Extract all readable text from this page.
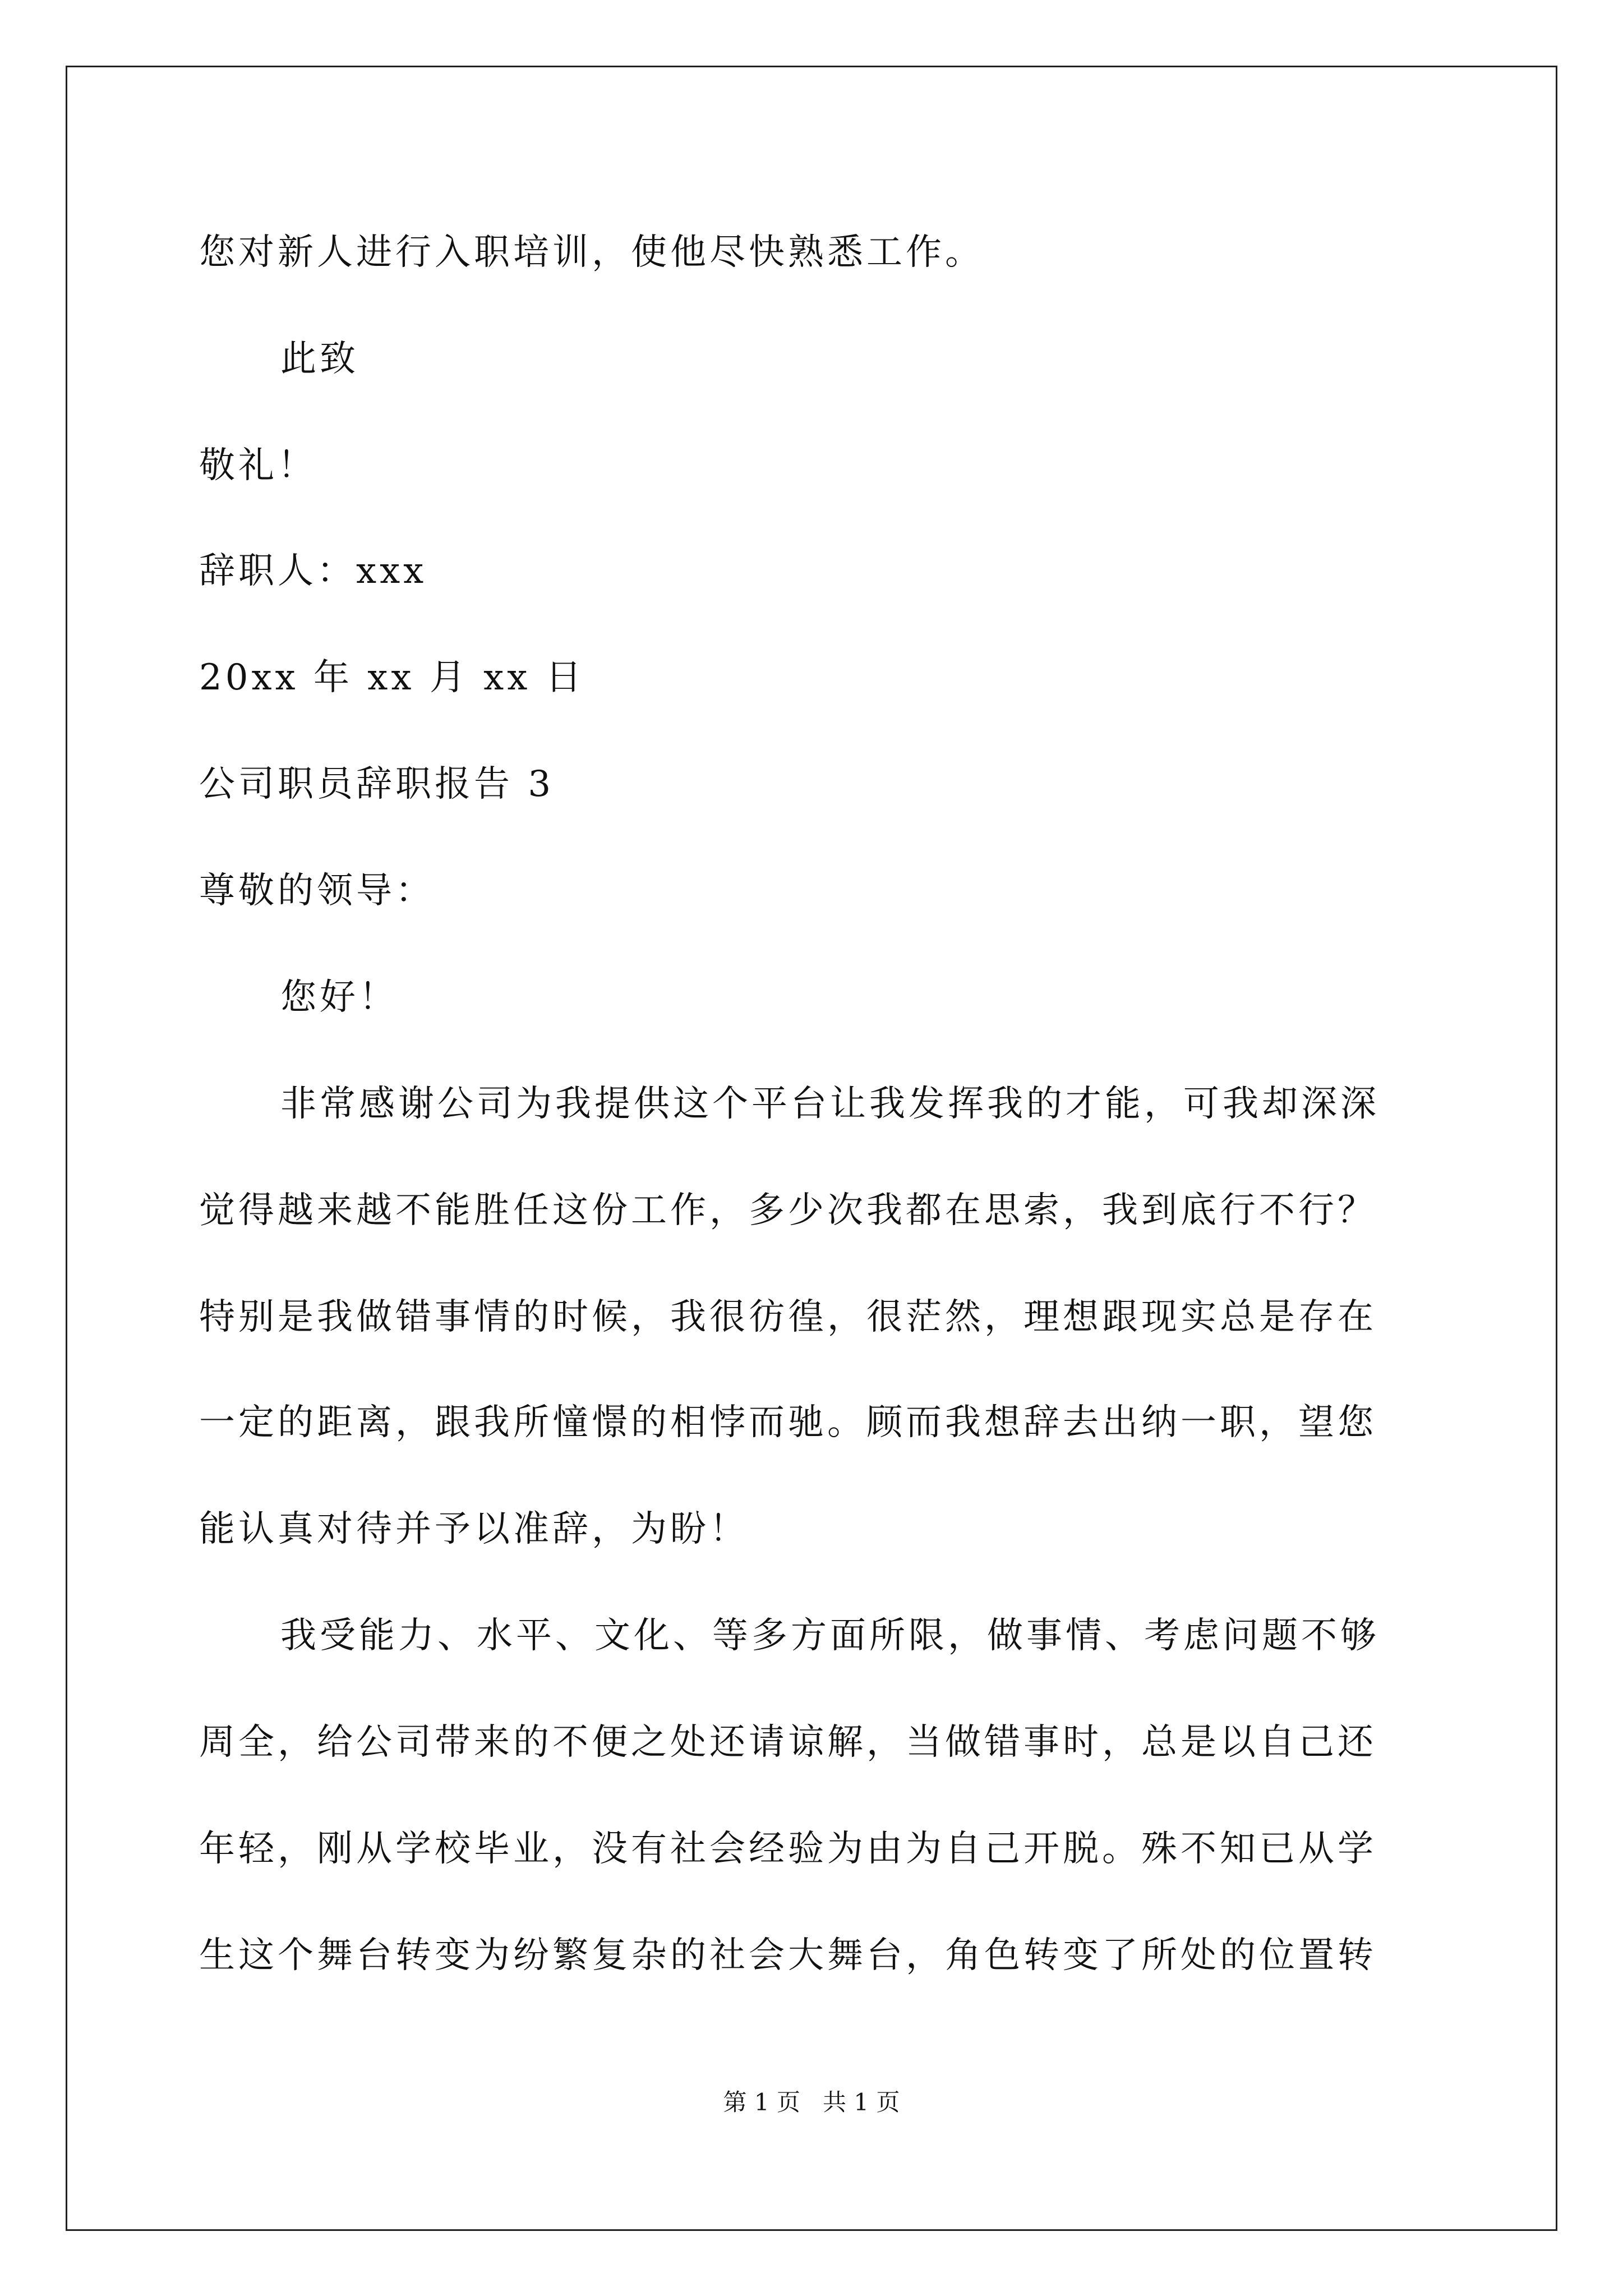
您对新人进行入职培训，使他尽快熟悉工作。
此致
敬礼！
辞职人：xxx
20xx 年 xx 月 xx 日
公司职员辞职报告 3
尊敬的领导：
您好！
非常感谢公司为我提供这个平台让我发挥我的才能，可我却深深
觉得越来越不能胜任这份工作，多少次我都在思索，我到底行不行？
特别是我做错事情的时候，我很彷徨，很茫然，理想跟现实总是存在
一定的距离，跟我所憧憬的相悖而驰。顾而我想辞去出纳一职，望您
能认真对待并予以准辞，为盼！
我受能力、水平、文化、等多方面所限，做事情、考虑问题不够
周全，给公司带来的不便之处还请谅解，当做错事时，总是以自己还
年轻，刚从学校毕业，没有社会经验为由为自己开脱。殊不知已从学
生这个舞台转变为纷繁复杂的社会大舞台，角色转变了所处的位置转
第 1 页   共 1 页
